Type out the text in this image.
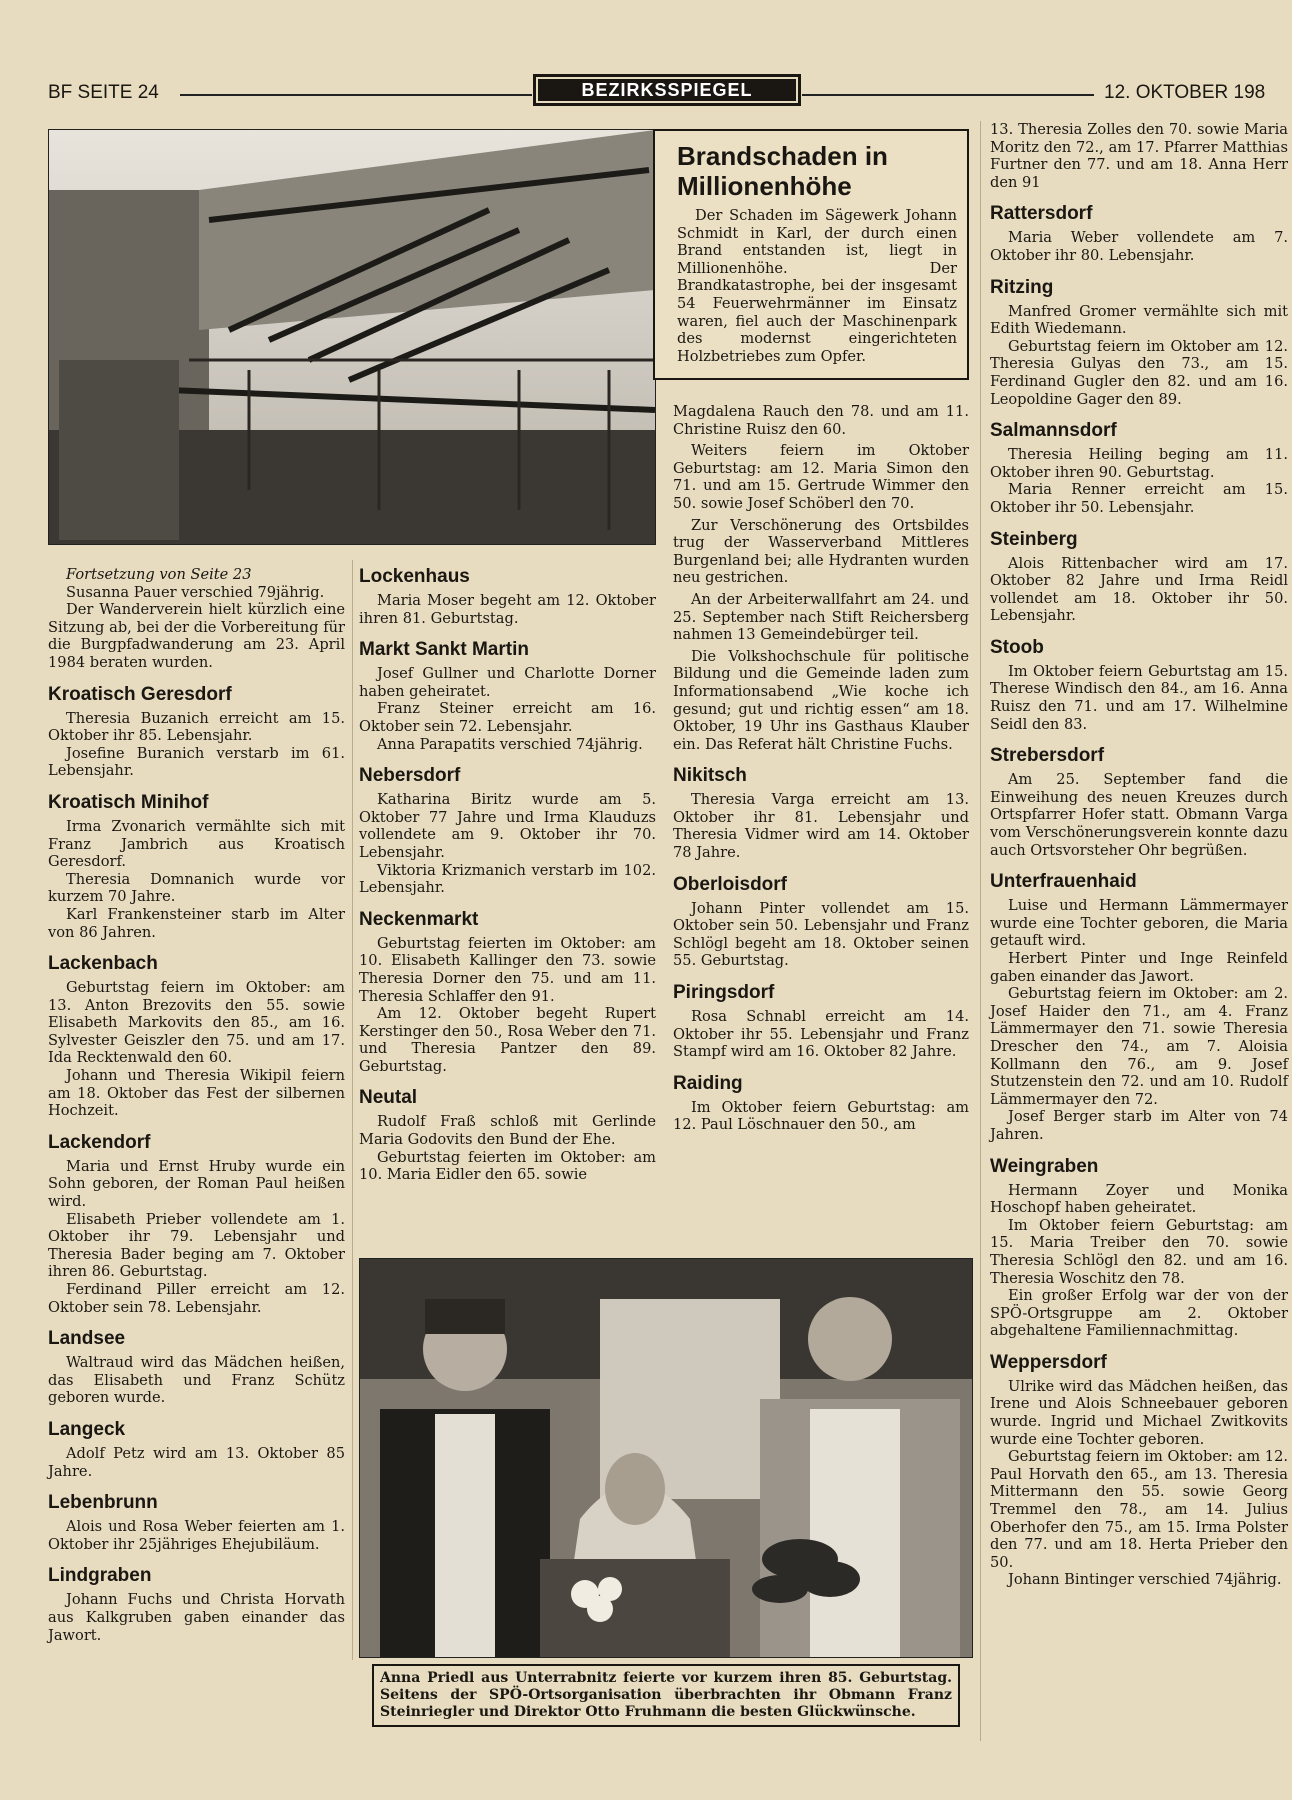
BF SEITE 24	BEZIRKSSPIEGEL	12. OKTOBER 198
Brandschaden in
Millionenhöhe

Der Schaden im Sägewerk Johann Schmidt in Karl, der durch einen Brand entstanden ist, liegt in Millionenhöhe. Der Brandkatastrophe, bei der insgesamt 54 Feuerwehrmänner im Einsatz waren, fiel auch der Maschinenpark des modernst eingerichteten Holzbetriebes zum Opfer.

Fortsetzung von Seite 23

Susanna Pauer verschied 79jährig.

Der Wanderverein hielt kürzlich eine Sitzung ab, bei der die Vorbereitung für die Burgpfadwanderung am 23. April 1984 beraten wurden.

Kroatisch Geresdorf

Theresia Buzanich erreicht am 15. Oktober ihr 85. Lebensjahr.

Josefine Buranich verstarb im 61. Lebensjahr.

Kroatisch Minihof

Irma Zvonarich vermählte sich mit Franz Jambrich aus Kroatisch Geresdorf.

Theresia Domnanich wurde vor kurzem 70 Jahre.

Karl Frankensteiner starb im Alter von 86 Jahren.

Lackenbach

Geburtstag feiern im Oktober: am 13. Anton Brezovits den 55. sowie Elisabeth Markovits den 85., am 16. Sylvester Geiszler den 75. und am 17. Ida Recktenwald den 60.

Johann und Theresia Wikipil feiern am 18. Oktober das Fest der silbernen Hochzeit.

Lackendorf

Maria und Ernst Hruby wurde ein Sohn geboren, der Roman Paul heißen wird.

Elisabeth Prieber vollendete am 1. Oktober ihr 79. Lebensjahr und Theresia Bader beging am 7. Oktober ihren 86. Geburtstag.

Ferdinand Piller erreicht am 12. Oktober sein 78. Lebensjahr.

Landsee

Waltraud wird das Mädchen heißen, das Elisabeth und Franz Schütz geboren wurde.

Langeck

Adolf Petz wird am 13. Oktober 85 Jahre.

Lebenbrunn

Alois und Rosa Weber feierten am 1. Oktober ihr 25jähriges Ehejubiläum.

Lindgraben

Johann Fuchs und Christa Horvath aus Kalkgruben gaben einander das Jawort.

Lockenhaus

Maria Moser begeht am 12. Oktober ihren 81. Geburtstag.

Markt Sankt Martin

Josef Gullner und Charlotte Dorner haben geheiratet.

Franz Steiner erreicht am 16. Oktober sein 72. Lebensjahr.

Anna Parapatits verschied 74jährig.

Nebersdorf

Katharina Biritz wurde am 5. Oktober 77 Jahre und Irma Klauduzs vollendete am 9. Oktober ihr 70. Lebensjahr.

Viktoria Krizmanich verstarb im 102. Lebensjahr.

Neckenmarkt

Geburtstag feierten im Oktober: am 10. Elisabeth Kallinger den 73. sowie Theresia Dorner den 75. und am 11. Theresia Schlaffer den 91.

Am 12. Oktober begeht Rupert Kerstinger den 50., Rosa Weber den 71. und Theresia Pantzer den 89. Geburtstag.

Neutal

Rudolf Fraß schloß mit Gerlinde Maria Godovits den Bund der Ehe.

Geburtstag feierten im Oktober: am 10. Maria Eidler den 65. sowie

Magdalena Rauch den 78. und am 11. Christine Ruisz den 60.

Weiters feiern im Oktober Geburtstag: am 12. Maria Simon den 71. und am 15. Gertrude Wimmer den 50. sowie Josef Schöberl den 70.

Zur Verschönerung des Ortsbildes trug der Wasserverband Mittleres Burgenland bei; alle Hydranten wurden neu gestrichen.

An der Arbeiterwallfahrt am 24. und 25. September nach Stift Reichersberg nahmen 13 Gemeindebürger teil.

Die Volkshochschule für politische Bildung und die Gemeinde laden zum Informationsabend „Wie koche ich gesund; gut und richtig essen“ am 18. Oktober, 19 Uhr ins Gasthaus Klauber ein. Das Referat hält Christine Fuchs.

Nikitsch

Theresia Varga erreicht am 13. Oktober ihr 81. Lebensjahr und Theresia Vidmer wird am 14. Oktober 78 Jahre.

Oberloisdorf

Johann Pinter vollendet am 15. Oktober sein 50. Lebensjahr und Franz Schlögl begeht am 18. Oktober seinen 55. Geburtstag.

Piringsdorf

Rosa Schnabl erreicht am 14. Oktober ihr 55. Lebensjahr und Franz Stampf wird am 16. Oktober 82 Jahre.

Raiding

Im Oktober feiern Geburtstag: am 12. Paul Löschnauer den 50., am

Anna Priedl aus Unterrabnitz feierte vor kurzem ihren 85. Geburtstag. Seitens der SPÖ-Ortsorganisation überbrachten ihr Obmann Franz Steinriegler und Direktor Otto Fruhmann die besten Glückwünsche.

13. Theresia Zolles den 70. sowie Maria Moritz den 72., am 17. Pfarrer Matthias Furtner den 77. und am 18. Anna Herr den 91

Rattersdorf

Maria Weber vollendete am 7. Oktober ihr 80. Lebensjahr.

Ritzing

Manfred Gromer vermählte sich mit Edith Wiedemann.

Geburtstag feiern im Oktober am 12. Theresia Gulyas den 73., am 15. Ferdinand Gugler den 82. und am 16. Leopoldine Gager den 89.

Salmannsdorf

Theresia Heiling beging am 11. Oktober ihren 90. Geburtstag.

Maria Renner erreicht am 15. Oktober ihr 50. Lebensjahr.

Steinberg

Alois Rittenbacher wird am 17. Oktober 82 Jahre und Irma Reidl vollendet am 18. Oktober ihr 50. Lebensjahr.

Stoob

Im Oktober feiern Geburtstag am 15. Therese Windisch den 84., am 16. Anna Ruisz den 71. und am 17. Wilhelmine Seidl den 83.

Strebersdorf

Am 25. September fand die Einweihung des neuen Kreuzes durch Ortspfarrer Hofer statt. Obmann Varga vom Verschönerungsverein konnte dazu auch Ortsvorsteher Ohr begrüßen.

Unterfrauenhaid

Luise und Hermann Lämmermayer wurde eine Tochter geboren, die Maria getauft wird.

Herbert Pinter und Inge Reinfeld gaben einander das Jawort.

Geburtstag feiern im Oktober: am 2. Josef Haider den 71., am 4. Franz Lämmermayer den 71. sowie Theresia Drescher den 74., am 7. Aloisia Kollmann den 76., am 9. Josef Stutzenstein den 72. und am 10. Rudolf Lämmermayer den 72.

Josef Berger starb im Alter von 74 Jahren.

Weingraben

Hermann Zoyer und Monika Hoschopf haben geheiratet.

Im Oktober feiern Geburtstag: am 15. Maria Treiber den 70. sowie Theresia Schlögl den 82. und am 16. Theresia Woschitz den 78.

Ein großer Erfolg war der von der SPÖ-Ortsgruppe am 2. Oktober abgehaltene Familiennachmittag.

Weppersdorf

Ulrike wird das Mädchen heißen, das Irene und Alois Schneebauer geboren wurde. Ingrid und Michael Zwitkovits wurde eine Tochter geboren.

Geburtstag feiern im Oktober: am 12. Paul Horvath den 65., am 13. Theresia Mittermann den 55. sowie Georg Tremmel den 78., am 14. Julius Oberhofer den 75., am 15. Irma Polster den 77. und am 18. Herta Prieber den 50.

Johann Bintinger verschied 74jährig.
